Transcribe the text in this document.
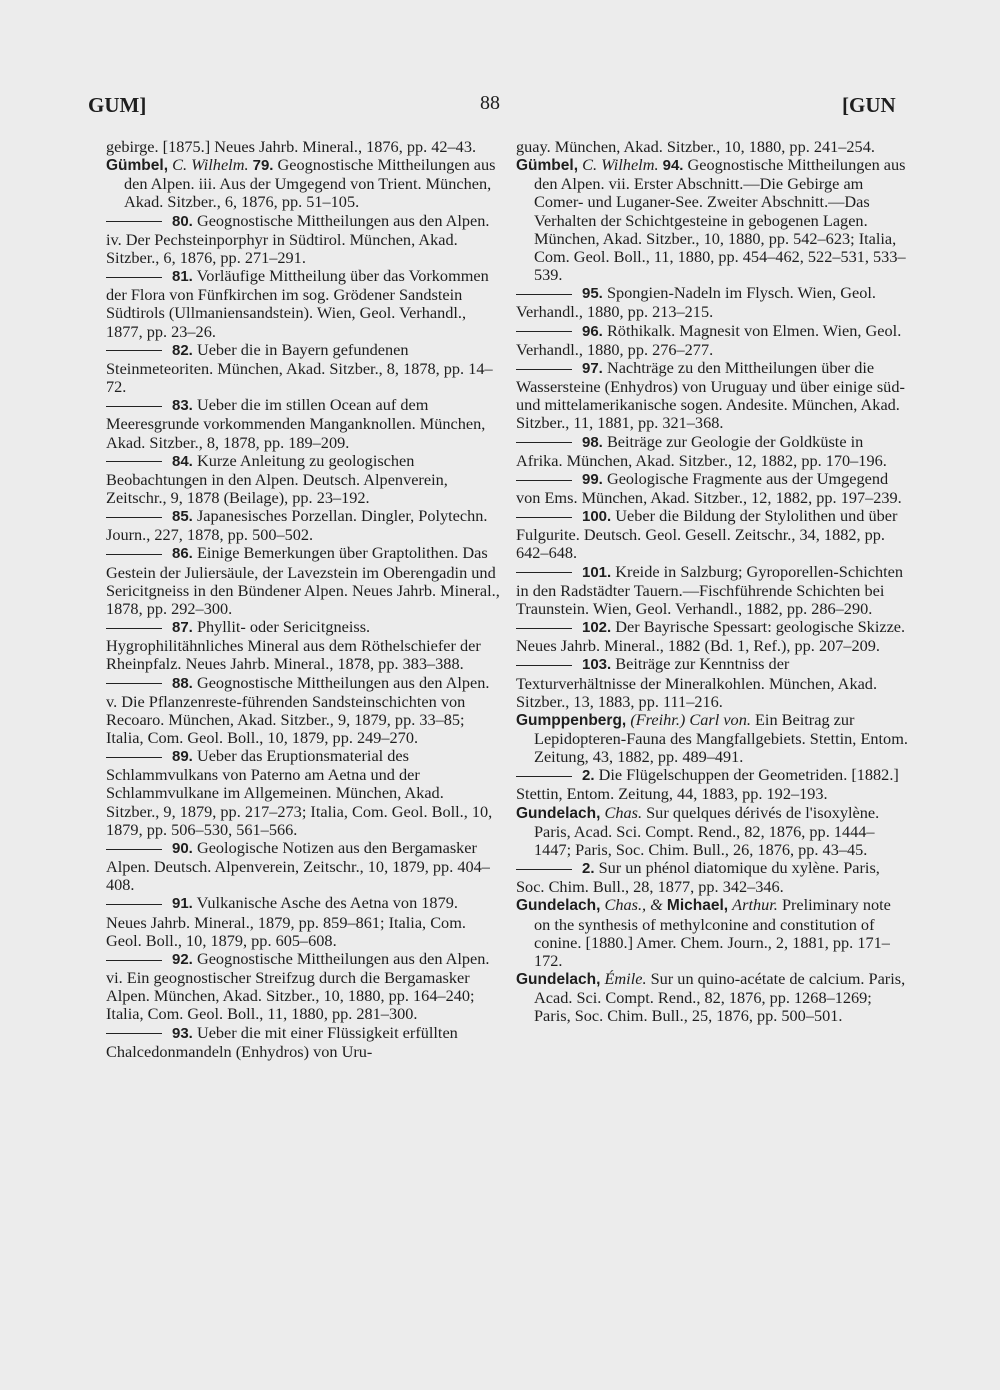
GUM]	88	[GUN

gebirge. [1875.] Neues Jahrb. Mineral., 1876, pp. 42–43.

Gümbel, C. Wilhelm. 79. Geognostische Mittheilungen aus den Alpen. iii. Aus der Umgegend von Trient. München, Akad. Sitzber., 6, 1876, pp. 51–105.

80. Geognostische Mittheilungen aus den Alpen. iv. Der Pechsteinporphyr in Südtirol. München, Akad. Sitzber., 6, 1876, pp. 271–291.

81. Vorläufige Mittheilung über das Vorkommen der Flora von Fünfkirchen im sog. Grödener Sandstein Südtirols (Ullmaniensandstein). Wien, Geol. Verhandl., 1877, pp. 23–26.

82. Ueber die in Bayern gefundenen Steinmeteoriten. München, Akad. Sitzber., 8, 1878, pp. 14–72.

83. Ueber die im stillen Ocean auf dem Meeresgrunde vorkommenden Manganknollen. München, Akad. Sitzber., 8, 1878, pp. 189–209.

84. Kurze Anleitung zu geologischen Beobachtungen in den Alpen. Deutsch. Alpenverein, Zeitschr., 9, 1878 (Beilage), pp. 23–192.

85. Japanesisches Porzellan. Dingler, Polytechn. Journ., 227, 1878, pp. 500–502.

86. Einige Bemerkungen über Graptolithen. Das Gestein der Juliersäule, der Lavezstein im Oberengadin und Sericitgneiss in den Bündener Alpen. Neues Jahrb. Mineral., 1878, pp. 292–300.

87. Phyllit- oder Sericitgneiss. Hygrophilitähnliches Mineral aus dem Röthelschiefer der Rheinpfalz. Neues Jahrb. Mineral., 1878, pp. 383–388.

88. Geognostische Mittheilungen aus den Alpen. v. Die Pflanzenreste-führenden Sandsteinschichten von Recoaro. München, Akad. Sitzber., 9, 1879, pp. 33–85; Italia, Com. Geol. Boll., 10, 1879, pp. 249–270.

89. Ueber das Eruptionsmaterial des Schlammvulkans von Paterno am Aetna und der Schlammvulkane im Allgemeinen. München, Akad. Sitzber., 9, 1879, pp. 217–273; Italia, Com. Geol. Boll., 10, 1879, pp. 506–530, 561–566.

90. Geologische Notizen aus den Bergamasker Alpen. Deutsch. Alpenverein, Zeitschr., 10, 1879, pp. 404–408.

91. Vulkanische Asche des Aetna von 1879. Neues Jahrb. Mineral., 1879, pp. 859–861; Italia, Com. Geol. Boll., 10, 1879, pp. 605–608.

92. Geognostische Mittheilungen aus den Alpen. vi. Ein geognostischer Streifzug durch die Bergamasker Alpen. München, Akad. Sitzber., 10, 1880, pp. 164–240; Italia, Com. Geol. Boll., 11, 1880, pp. 281–300.

93. Ueber die mit einer Flüssigkeit erfüllten Chalcedonmandeln (Enhydros) von Uru-

guay. München, Akad. Sitzber., 10, 1880, pp. 241–254.

Gümbel, C. Wilhelm. 94. Geognostische Mittheilungen aus den Alpen. vii. Erster Abschnitt.—Die Gebirge am Comer- und Luganer-See. Zweiter Abschnitt.—Das Verhalten der Schichtgesteine in gebogenen Lagen. München, Akad. Sitzber., 10, 1880, pp. 542–623; Italia, Com. Geol. Boll., 11, 1880, pp. 454–462, 522–531, 533–539.

95. Spongien-Nadeln im Flysch. Wien, Geol. Verhandl., 1880, pp. 213–215.

96. Röthikalk. Magnesit von Elmen. Wien, Geol. Verhandl., 1880, pp. 276–277.

97. Nachträge zu den Mittheilungen über die Wassersteine (Enhydros) von Uruguay und über einige süd- und mittelamerikanische sogen. Andesite. München, Akad. Sitzber., 11, 1881, pp. 321–368.

98. Beiträge zur Geologie der Goldküste in Afrika. München, Akad. Sitzber., 12, 1882, pp. 170–196.

99. Geologische Fragmente aus der Umgegend von Ems. München, Akad. Sitzber., 12, 1882, pp. 197–239.

100. Ueber die Bildung der Stylolithen und über Fulgurite. Deutsch. Geol. Gesell. Zeitschr., 34, 1882, pp. 642–648.

101. Kreide in Salzburg; Gyroporellen-Schichten in den Radstädter Tauern.—Fischführende Schichten bei Traunstein. Wien, Geol. Verhandl., 1882, pp. 286–290.

102. Der Bayrische Spessart: geologische Skizze. Neues Jahrb. Mineral., 1882 (Bd. 1, Ref.), pp. 207–209.

103. Beiträge zur Kenntniss der Texturverhältnisse der Mineralkohlen. München, Akad. Sitzber., 13, 1883, pp. 111–216.

Gumppenberg, (Freihr.) Carl von. Ein Beitrag zur Lepidopteren-Fauna des Mangfallgebiets. Stettin, Entom. Zeitung, 43, 1882, pp. 489–491.

2. Die Flügelschuppen der Geometriden. [1882.] Stettin, Entom. Zeitung, 44, 1883, pp. 192–193.

Gundelach, Chas. Sur quelques dérivés de l'isoxylène. Paris, Acad. Sci. Compt. Rend., 82, 1876, pp. 1444–1447; Paris, Soc. Chim. Bull., 26, 1876, pp. 43–45.

2. Sur un phénol diatomique du xylène. Paris, Soc. Chim. Bull., 28, 1877, pp. 342–346.

Gundelach, Chas., & Michael, Arthur. Preliminary note on the synthesis of methylconine and constitution of conine. [1880.] Amer. Chem. Journ., 2, 1881, pp. 171–172.

Gundelach, Émile. Sur un quino-acétate de calcium. Paris, Acad. Sci. Compt. Rend., 82, 1876, pp. 1268–1269; Paris, Soc. Chim. Bull., 25, 1876, pp. 500–501.
